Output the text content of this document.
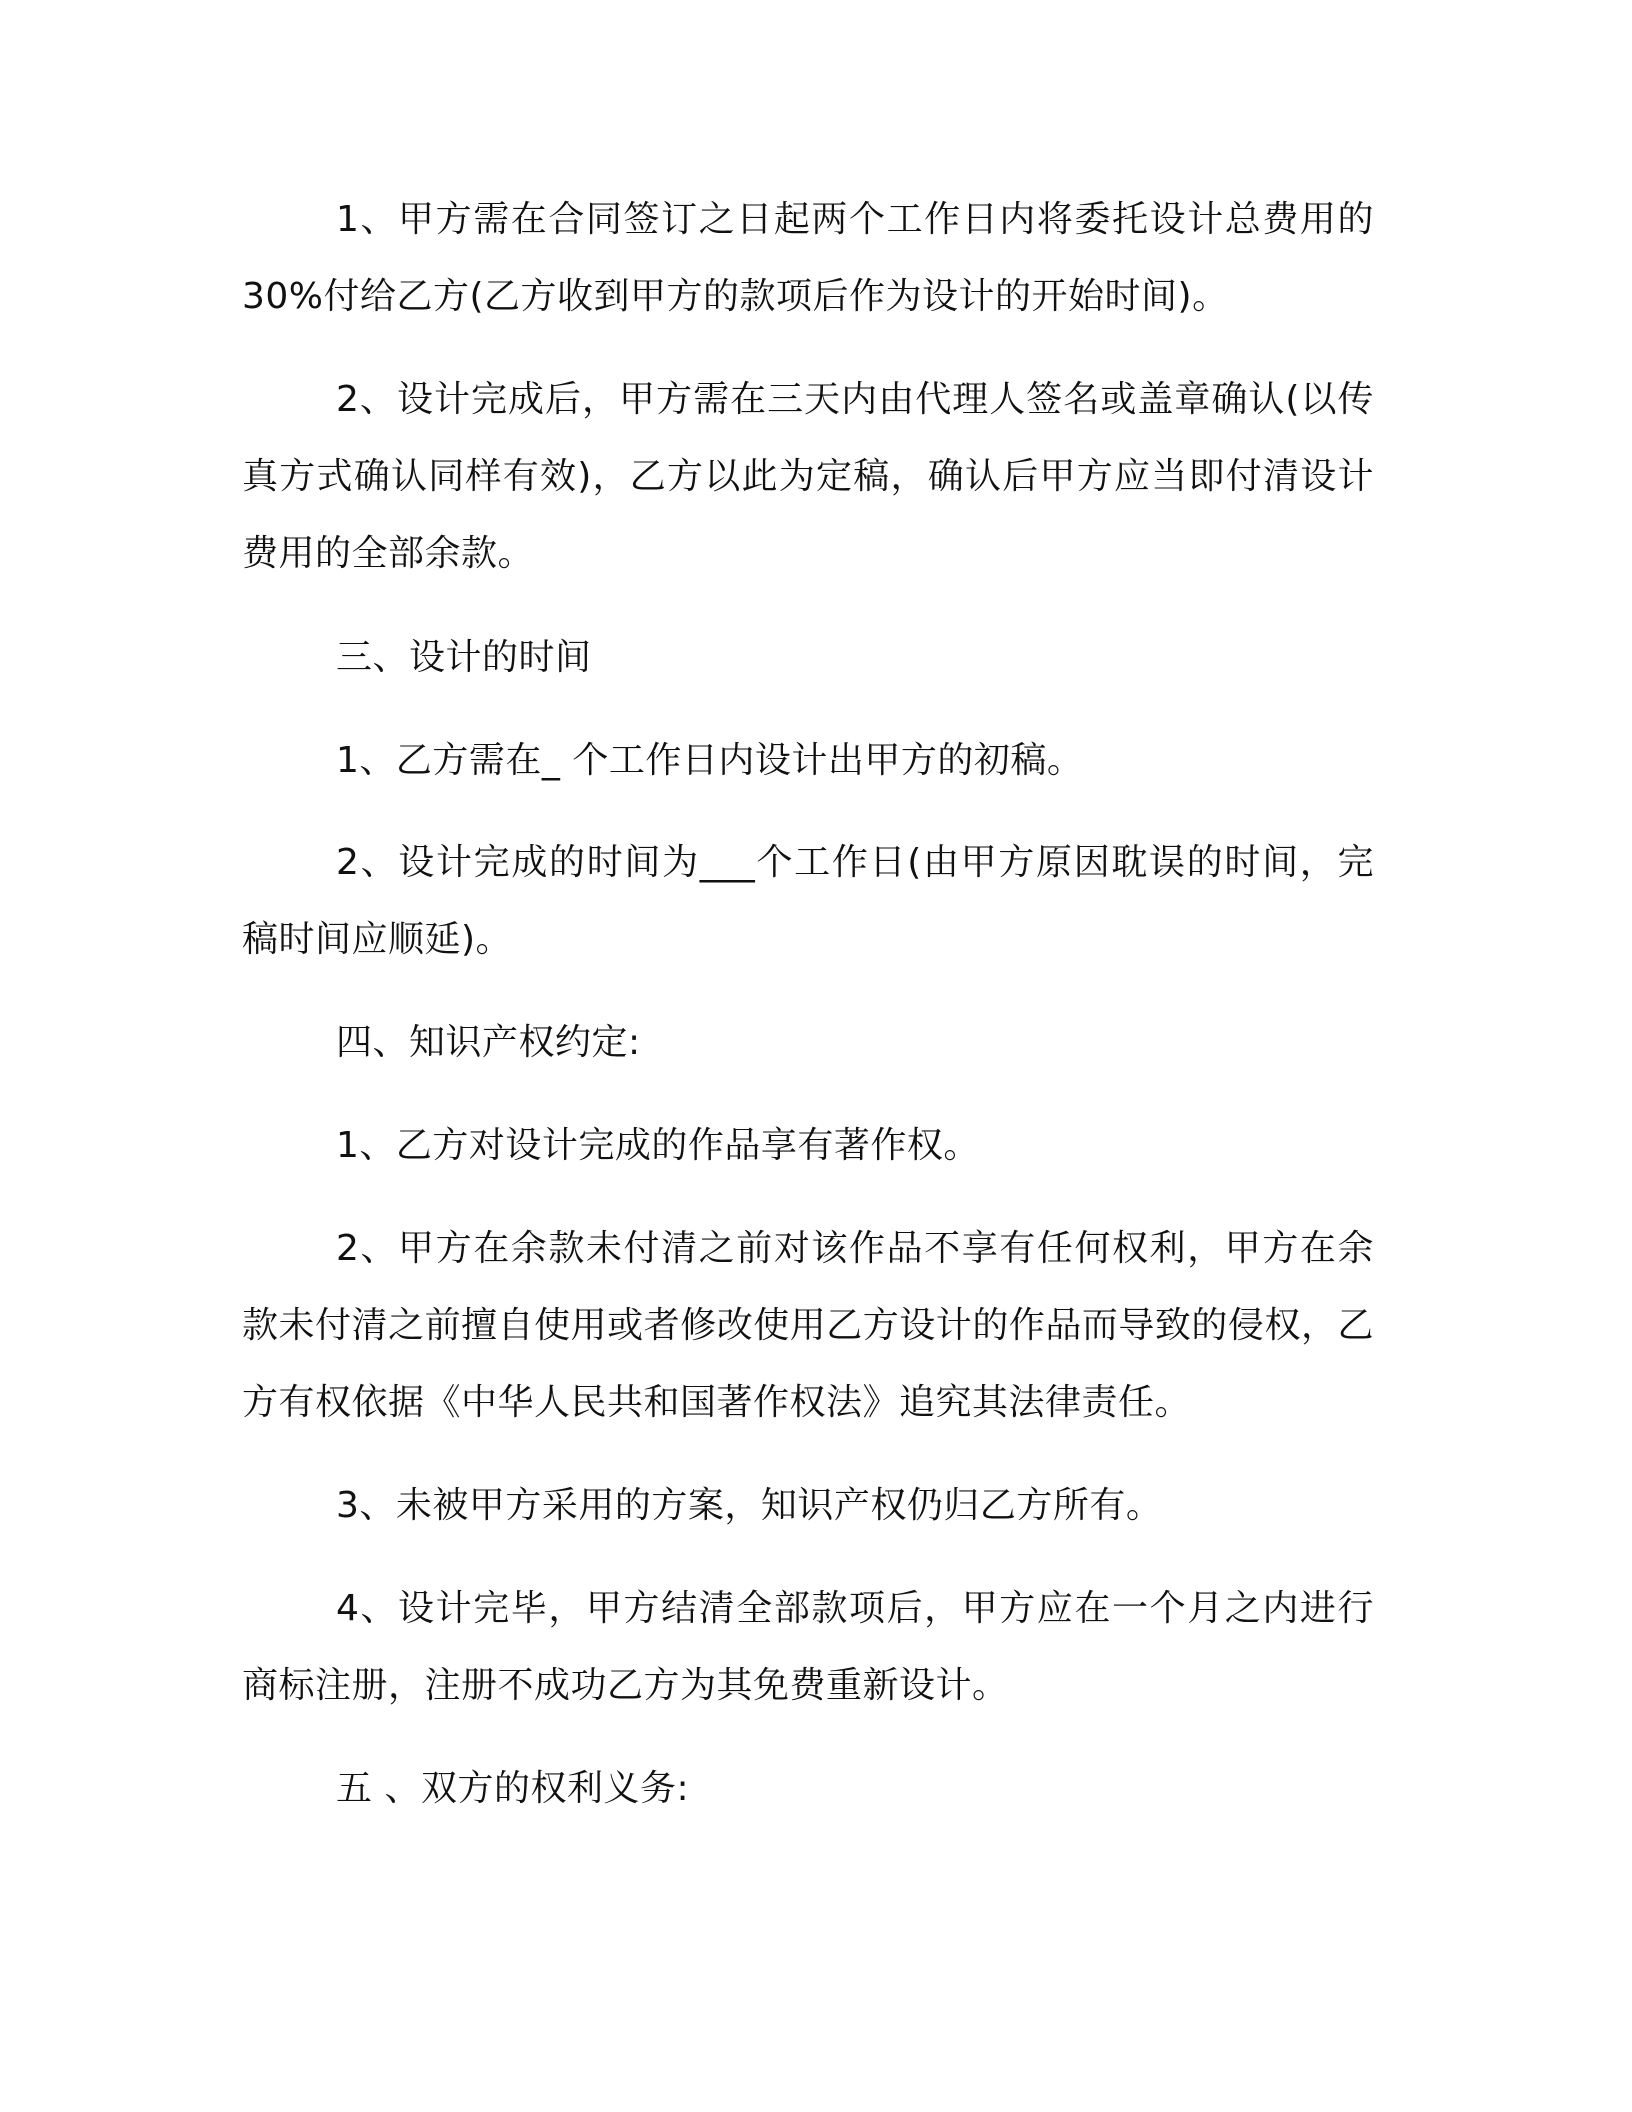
1、甲方需在合同签订之日起两个工作日内将委托设计总费用的30%付给乙方(乙方收到甲方的款项后作为设计的开始时间)。

2、设计完成后，甲方需在三天内由代理人签名或盖章确认(以传真方式确认同样有效)，乙方以此为定稿，确认后甲方应当即付清设计费用的全部余款。

三、设计的时间

1、乙方需在_ 个工作日内设计出甲方的初稿。

2、设计完成的时间为___个工作日(由甲方原因耽误的时间，完稿时间应顺延)。

四、知识产权约定:

1、乙方对设计完成的作品享有著作权。

2、甲方在余款未付清之前对该作品不享有任何权利，甲方在余款未付清之前擅自使用或者修改使用乙方设计的作品而导致的侵权，乙方有权依据《中华人民共和国著作权法》追究其法律责任。

3、未被甲方采用的方案，知识产权仍归乙方所有。

4、设计完毕，甲方结清全部款项后，甲方应在一个月之内进行商标注册，注册不成功乙方为其免费重新设计。

五 、双方的权利义务:
